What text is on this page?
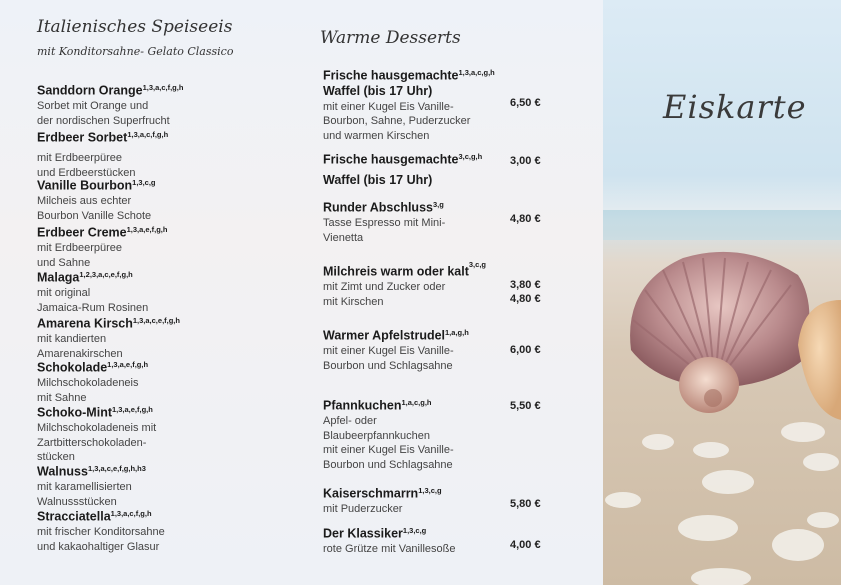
Italienisches Speiseeis
mit Konditorsahne- Gelato Classico
Warme Desserts
Sanddorn Orange$^{1,3,a,c,f,g,h}$
Sorbet mit Orange und
der nordischen Superfrucht
Erdbeer Sorbet$^{1,3,a,c,f,g,h}$
mit Erdbeerpüree
und Erdbeerstücken
Vanille Bourbon$^{1,3,c,g}$
Milcheis aus echter
Bourbon Vanille Schote
Erdbeer Creme$^{1,3,a,e,f,g,h}$
mit Erdbeerpüree
und Sahne
Malaga$^{1,2,3,a,c,e,f,g,h}$
mit original
Jamaica-Rum Rosinen
Amarena Kirsch$^{1,3,a,c,e,f,g,h}$
mit kandierten
Amarenakirschen
Schokolade$^{1,3,a,e,f,g,h}$
Milchschokoladeneis
mit Sahne
Schoko-Mint$^{1,3,a,e,f,g,h}$
Milchschokoladeneis mit
Zartbitterschokoladen-
stücken
Walnuss$^{1,3,a,c,e,f,g,h,h3}$
mit karamellisierten
Walnussstücken
Stracciatella$^{1,3,a,c,f,g,h}$
mit frischer Konditorsahne
und kakaohaltiger Glasur
Frische hausgemachte$^{1,3,a,c,g,h}$
Waffel (bis 17 Uhr)
mit einer Kugel Eis Vanille-
Bourbon, Sahne, Puderzucker
und warmen Kirschen
6,50 €
Frische hausgemachte$^{3,c,g,h}$
Waffel (bis 17 Uhr)
3,00 €
Runder Abschluss$^{3,g}$
Tasse Espresso mit Mini-
Vienetta
4,80 €
Milchreis warm oder kalt$^{3,c,g}$
mit Zimt und Zucker oder
mit Kirschen
3,80 €
4,80 €
Warmer Apfelstrudel$^{1,a,g,h}$
mit einer Kugel Eis Vanille-
Bourbon und Schlagsahne
6,00 €
Pfannkuchen$^{1,a,c,g,h}$
Apfel- oder
Blaubeerpfannkuchen
mit einer Kugel Eis Vanille-
Bourbon und Schlagsahne
5,50 €
Kaiserschmarrn$^{1,3,c,g}$
mit Puderzucker	5,80 €
Der Klassiker$^{1,3,c,g}$
rote Grütze mit Vanillesoße	4,00 €
Eiskarte
